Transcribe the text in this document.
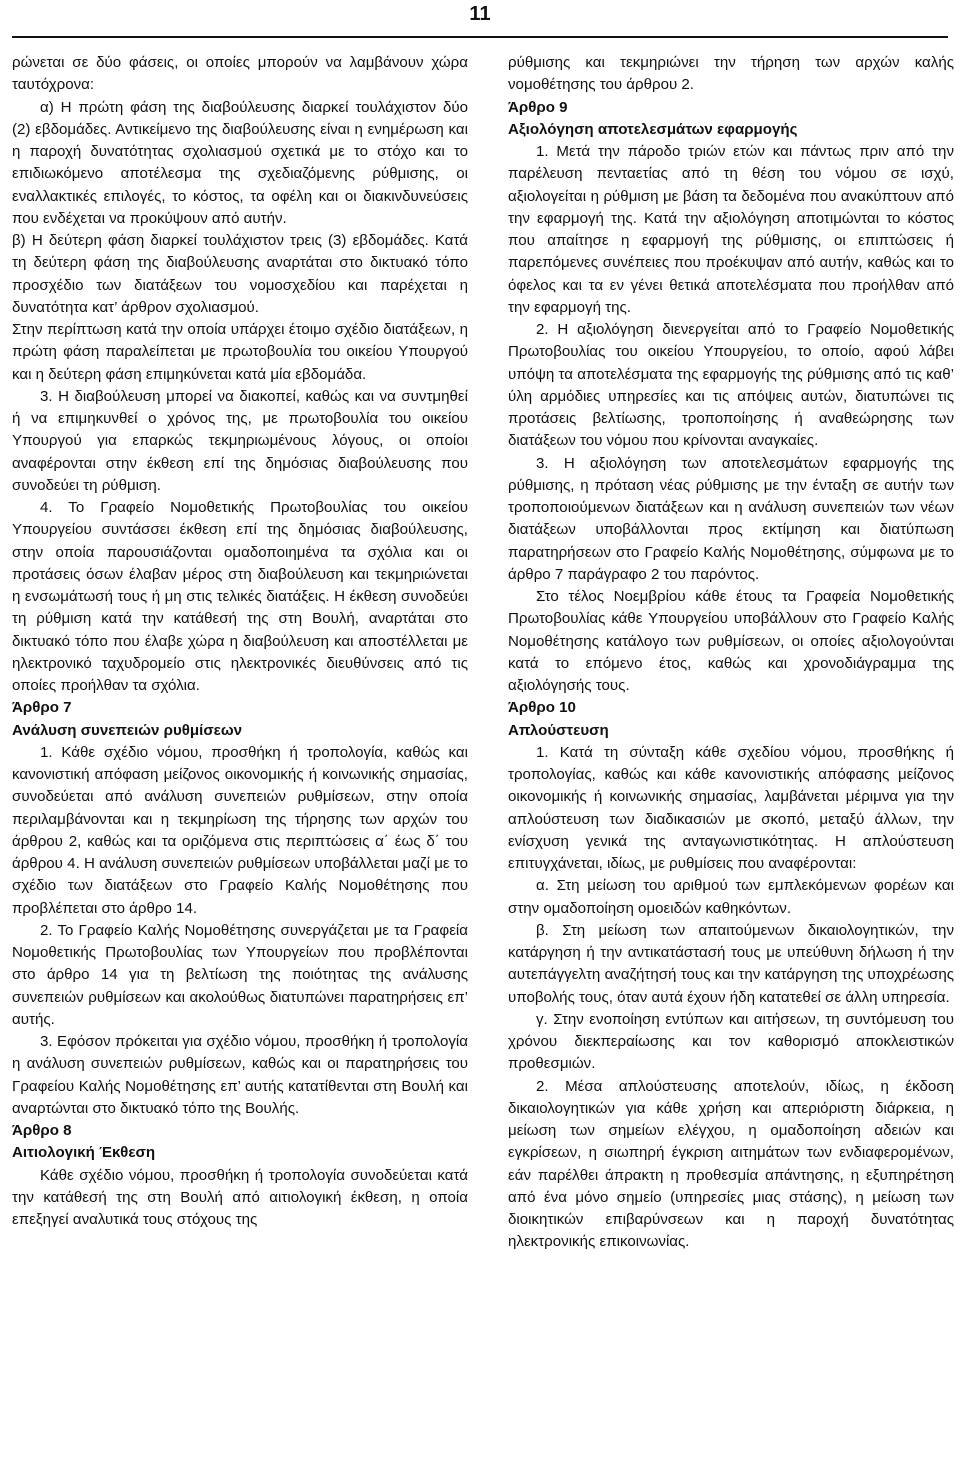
11

ρώνεται σε δύο φάσεις, οι οποίες μπορούν να λαμβάνουν χώρα ταυτόχρονα:

α) Η πρώτη φάση της διαβούλευσης διαρκεί τουλάχιστον δύο (2) εβδομάδες. Αντικείμενο της διαβούλευσης είναι η ενημέρωση και η παροχή δυνατότητας σχολιασμού σχετικά με το στόχο και το επιδιωκόμενο αποτέλεσμα της σχεδιαζόμενης ρύθμισης, οι εναλλακτικές επιλογές, το κόστος, τα οφέλη και οι διακινδυνεύσεις που ενδέχεται να προκύψουν από αυτήν.

β) Η δεύτερη φάση διαρκεί τουλάχιστον τρεις (3) εβδομάδες. Κατά τη δεύτερη φάση της διαβούλευσης αναρτάται στο δικτυακό τόπο προσχέδιο των διατάξεων του νομοσχεδίου και παρέχεται η δυνατότητα κατ’ άρθρον σχολιασμού.

Στην περίπτωση κατά την οποία υπάρχει έτοιμο σχέδιο διατάξεων, η πρώτη φάση παραλείπεται με πρωτοβουλία του οικείου Υπουργού και η δεύτερη φάση επιμηκύνεται κατά μία εβδομάδα.

3. Η διαβούλευση μπορεί να διακοπεί, καθώς και να συντμηθεί ή να επιμηκυνθεί ο χρόνος της, με πρωτοβουλία του οικείου Υπουργού για επαρκώς τεκμηριωμένους λόγους, οι οποίοι αναφέρονται στην έκθεση επί της δημόσιας διαβούλευσης που συνοδεύει τη ρύθμιση.

4. Το Γραφείο Νομοθετικής Πρωτοβουλίας του οικείου Υπουργείου συντάσσει έκθεση επί της δημόσιας διαβούλευσης, στην οποία παρουσιάζονται ομαδοποιημένα τα σχόλια και οι προτάσεις όσων έλαβαν μέρος στη διαβούλευση και τεκμηριώνεται η ενσωμάτωσή τους ή μη στις τελικές διατάξεις. Η έκθεση συνοδεύει τη ρύθμιση κατά την κατάθεσή της στη Βουλή, αναρτάται στο δικτυακό τόπο που έλαβε χώρα η διαβούλευση και αποστέλλεται με ηλεκτρονικό ταχυδρομείο στις ηλεκτρονικές διευθύνσεις από τις οποίες προήλθαν τα σχόλια.

Άρθρο 7

Ανάλυση συνεπειών ρυθμίσεων

1. Κάθε σχέδιο νόμου, προσθήκη ή τροπολογία, καθώς και κανονιστική απόφαση μείζονος οικονομικής ή κοινωνικής σημασίας, συνοδεύεται από ανάλυση συνεπειών ρυθμίσεων, στην οποία περιλαμβάνονται και η τεκμηρίωση της τήρησης των αρχών του άρθρου 2, καθώς και τα οριζόμενα στις περιπτώσεις α΄ έως δ΄ του άρθρου 4. Η ανάλυση συνεπειών ρυθμίσεων υποβάλλεται μαζί με το σχέδιο των διατάξεων στο Γραφείο Καλής Νομοθέτησης που προβλέπεται στο άρθρο 14.

2. Το Γραφείο Καλής Νομοθέτησης συνεργάζεται με τα Γραφεία Νομοθετικής Πρωτοβουλίας των Υπουργείων που προβλέπονται στο άρθρο 14 για τη βελτίωση της ποιότητας της ανάλυσης συνεπειών ρυθμίσεων και ακολούθως διατυπώνει παρατηρήσεις επ’ αυτής.

3. Εφόσον πρόκειται για σχέδιο νόμου, προσθήκη ή τροπολογία η ανάλυση συνεπειών ρυθμίσεων, καθώς και οι παρατηρήσεις του Γραφείου Καλής Νομοθέτησης επ’ αυτής κατατίθενται στη Βουλή και αναρτώνται στο δικτυακό τόπο της Βουλής.

Άρθρο 8

Αιτιολογική Έκθεση

Κάθε σχέδιο νόμου, προσθήκη ή τροπολογία συνοδεύεται κατά την κατάθεσή της στη Βουλή από αιτιολογική έκθεση, η οποία επεξηγεί αναλυτικά τους στόχους της

ρύθμισης και τεκμηριώνει την τήρηση των αρχών καλής νομοθέτησης του άρθρου 2.

Άρθρο 9

Αξιολόγηση αποτελεσμάτων εφαρμογής

1. Μετά την πάροδο τριών ετών και πάντως πριν από την παρέλευση πενταετίας από τη θέση του νόμου σε ισχύ, αξιολογείται η ρύθμιση με βάση τα δεδομένα που ανακύπτουν από την εφαρμογή της. Κατά την αξιολόγηση αποτιμώνται το κόστος που απαίτησε η εφαρμογή της ρύθμισης, οι επιπτώσεις ή παρεπόμενες συνέπειες που προέκυψαν από αυτήν, καθώς και το όφελος και τα εν γένει θετικά αποτελέσματα που προήλθαν από την εφαρμογή της.

2. Η αξιολόγηση διενεργείται από το Γραφείο Νομοθετικής Πρωτοβουλίας του οικείου Υπουργείου, το οποίο, αφού λάβει υπόψη τα αποτελέσματα της εφαρμογής της ρύθμισης από τις καθ’ ύλη αρμόδιες υπηρεσίες και τις απόψεις αυτών, διατυπώνει τις προτάσεις βελτίωσης, τροποποίησης ή αναθεώρησης των διατάξεων του νόμου που κρίνονται αναγκαίες.

3. Η αξιολόγηση των αποτελεσμάτων εφαρμογής της ρύθμισης, η πρόταση νέας ρύθμισης με την ένταξη σε αυτήν των τροποποιούμενων διατάξεων και η ανάλυση συνεπειών των νέων διατάξεων υποβάλλονται προς εκτίμηση και διατύπωση παρατηρήσεων στο Γραφείο Καλής Νομοθέτησης, σύμφωνα με το άρθρο 7 παράγραφο 2 του παρόντος.

Στο τέλος Νοεμβρίου κάθε έτους τα Γραφεία Νομοθετικής Πρωτοβουλίας κάθε Υπουργείου υποβάλλουν στο Γραφείο Καλής Νομοθέτησης κατάλογο των ρυθμίσεων, οι οποίες αξιολογούνται κατά το επόμενο έτος, καθώς και χρονοδιάγραμμα της αξιολόγησής τους.

Άρθρο 10

Απλούστευση

1. Κατά τη σύνταξη κάθε σχεδίου νόμου, προσθήκης ή τροπολογίας, καθώς και κάθε κανονιστικής απόφασης μείζονος οικονομικής ή κοινωνικής σημασίας, λαμβάνεται μέριμνα για την απλούστευση των διαδικασιών με σκοπό, μεταξύ άλλων, την ενίσχυση γενικά της ανταγωνιστικότητας. Η απλούστευση επιτυγχάνεται, ιδίως, με ρυθμίσεις που αναφέρονται:

α. Στη μείωση του αριθμού των εμπλεκόμενων φορέων και στην ομαδοποίηση ομοειδών καθηκόντων.

β. Στη μείωση των απαιτούμενων δικαιολογητικών, την κατάργηση ή την αντικατάστασή τους με υπεύθυνη δήλωση ή την αυτεπάγγελτη αναζήτησή τους και την κατάργηση της υποχρέωσης υποβολής τους, όταν αυτά έχουν ήδη κατατεθεί σε άλλη υπηρεσία.

γ. Στην ενοποίηση εντύπων και αιτήσεων, τη συντόμευση του χρόνου διεκπεραίωσης και τον καθορισμό αποκλειστικών προθεσμιών.

2. Μέσα απλούστευσης αποτελούν, ιδίως, η έκδοση δικαιολογητικών για κάθε χρήση και απεριόριστη διάρκεια, η μείωση των σημείων ελέγχου, η ομαδοποίηση αδειών και εγκρίσεων, η σιωπηρή έγκριση αιτημάτων των ενδιαφερομένων, εάν παρέλθει άπρακτη η προθεσμία απάντησης, η εξυπηρέτηση από ένα μόνο σημείο (υπηρεσίες μιας στάσης), η μείωση των διοικητικών επιβαρύνσεων και η παροχή δυνατότητας ηλεκτρονικής επικοινωνίας.
